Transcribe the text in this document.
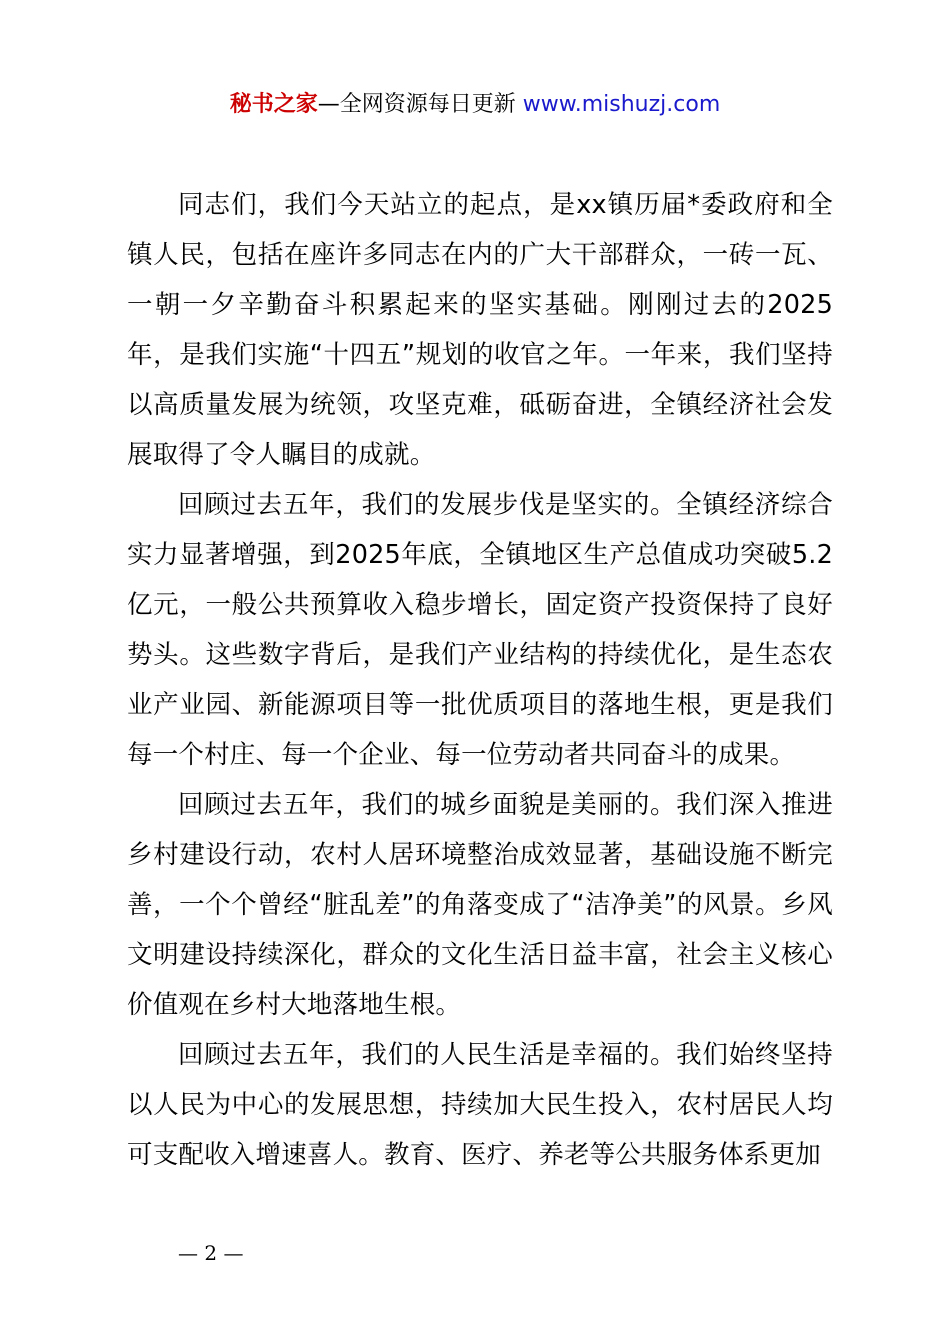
秘书之家—全网资源每日更新 www.mishuzj.com

同志们，我们今天站立的起点，是xx镇历届*委政府和全镇人民，包括在座许多同志在内的广大干部群众，一砖一瓦、一朝一夕辛勤奋斗积累起来的坚实基础。刚刚过去的2025年，是我们实施“十四五”规划的收官之年。一年来，我们坚持以高质量发展为统领，攻坚克难，砥砺奋进，全镇经济社会发展取得了令人瞩目的成就。

回顾过去五年，我们的发展步伐是坚实的。全镇经济综合实力显著增强，到2025年底，全镇地区生产总值成功突破5.2亿元，一般公共预算收入稳步增长，固定资产投资保持了良好势头。这些数字背后，是我们产业结构的持续优化，是生态农业产业园、新能源项目等一批优质项目的落地生根，更是我们每一个村庄、每一个企业、每一位劳动者共同奋斗的成果。

回顾过去五年，我们的城乡面貌是美丽的。我们深入推进乡村建设行动，农村人居环境整治成效显著，基础设施不断完善，一个个曾经“脏乱差”的角落变成了“洁净美”的风景。乡风文明建设持续深化，群众的文化生活日益丰富，社会主义核心价值观在乡村大地落地生根。

回顾过去五年，我们的人民生活是幸福的。我们始终坚持以人民为中心的发展思想，持续加大民生投入，农村居民人均可支配收入增速喜人。教育、医疗、养老等公共服务体系更加

— 2 —
